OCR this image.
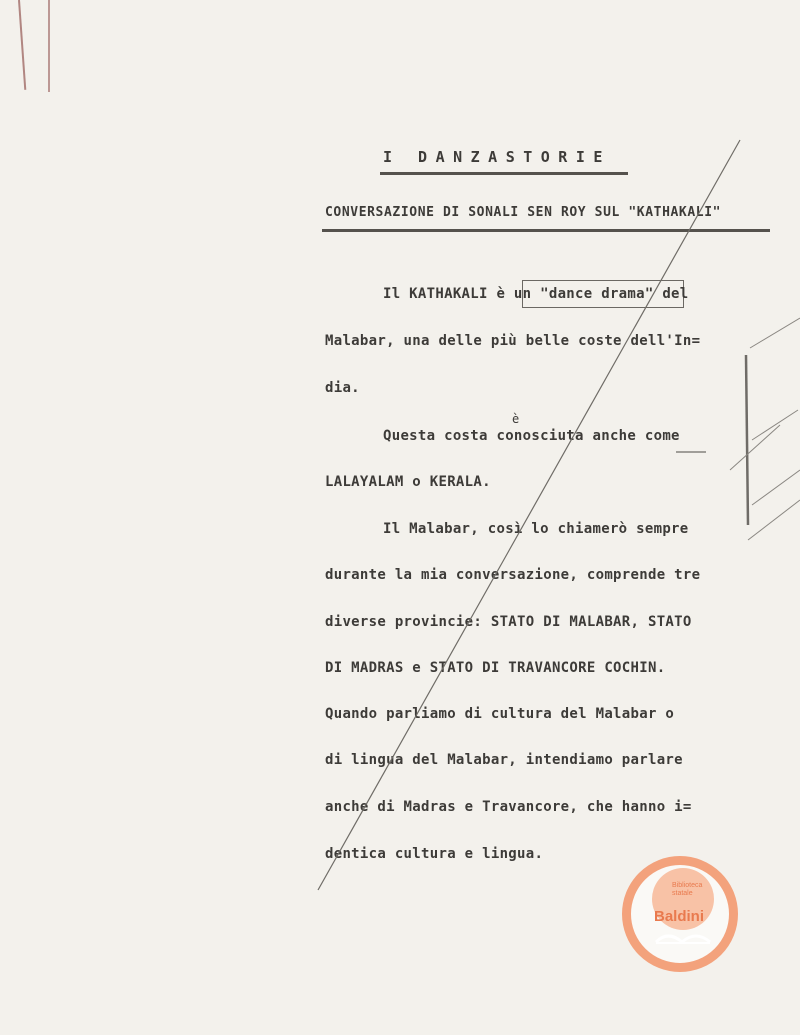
I DANZASTORIE
CONVERSAZIONE DI SONALI SEN ROY SUL "KATHAKALI"
Il KATHAKALI è un "dance drama" del
Malabar, una delle più belle coste dell'In=
dia.
Questa costa conosciuta anche come
è
LALAYALAM o KERALA.
Il Malabar, così lo chiamerò sempre
durante la mia conversazione, comprende tre
diverse provincie: STATO DI MALABAR, STATO
DI MADRAS e STATO DI TRAVANCORE COCHIN.
Quando parliamo di cultura del Malabar o
di lingua del Malabar, intendiamo parlare
anche di Madras e Travancore, che hanno i=
dentica cultura e lingua.
Baldini
Biblioteca statale
